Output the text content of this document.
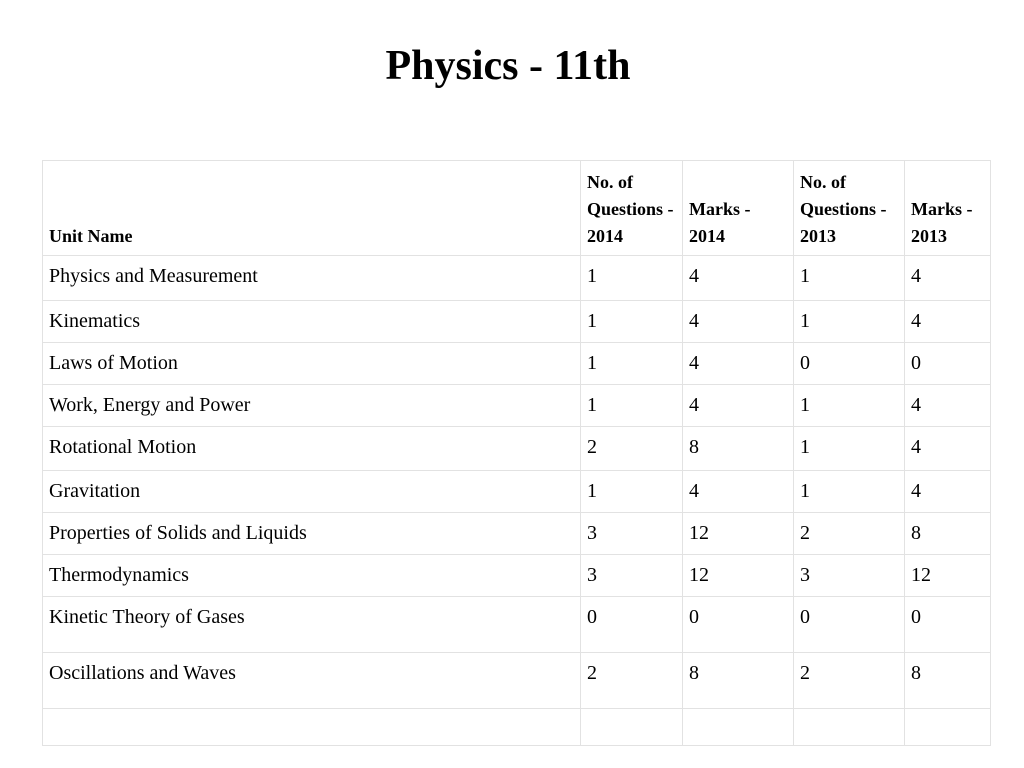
Physics - 11th
Unit Name	No. of Questions - 2014	Marks - 2014	No. of Questions - 2013	Marks - 2013
Physics and Measurement	1	4	1	4
Kinematics	1	4	1	4
Laws of Motion	1	4	0	0
Work, Energy and Power	1	4	1	4
Rotational Motion	2	8	1	4
Gravitation	1	4	1	4
Properties of Solids and Liquids	3	12	2	8
Thermodynamics	3	12	3	12
Kinetic Theory of Gases	0	0	0	0
Oscillations and Waves	2	8	2	8
